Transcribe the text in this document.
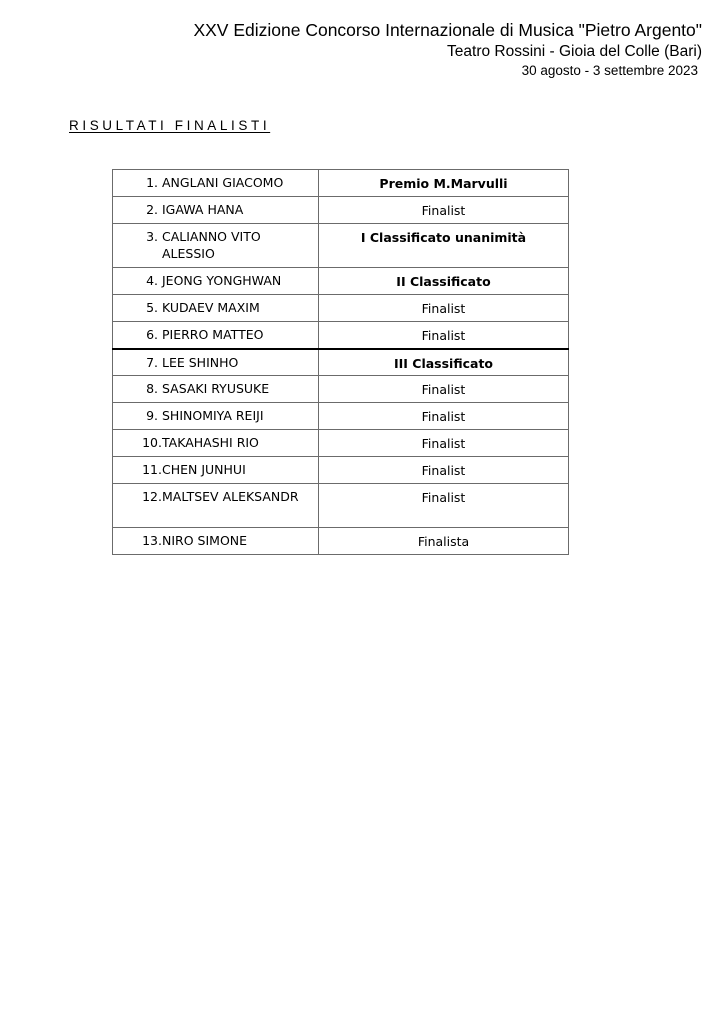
XXV Edizione Concorso Internazionale di Musica "Pietro Argento"
Teatro Rossini - Gioia del Colle (Bari)
30 agosto - 3 settembre 2023
RISULTATI FINALISTI
1. ANGLANI GIACOMO	Premio M.Marvulli

2. IGAWA HANA	Finalist

3. CALIANNO VITO ALESSIO	I Classificato unanimità

4. JEONG YONGHWAN	II Classificato

5. KUDAEV MAXIM	Finalist

6. PIERRO MATTEO	Finalist

7. LEE SHINHO	III Classificato

8. SASAKI RYUSUKE	Finalist

9. SHINOMIYA REIJI	Finalist

10. TAKAHASHI RIO	Finalist

11. CHEN JUNHUI	Finalist

12. MALTSEV ALEKSANDR	Finalist

13. NIRO SIMONE	Finalista
